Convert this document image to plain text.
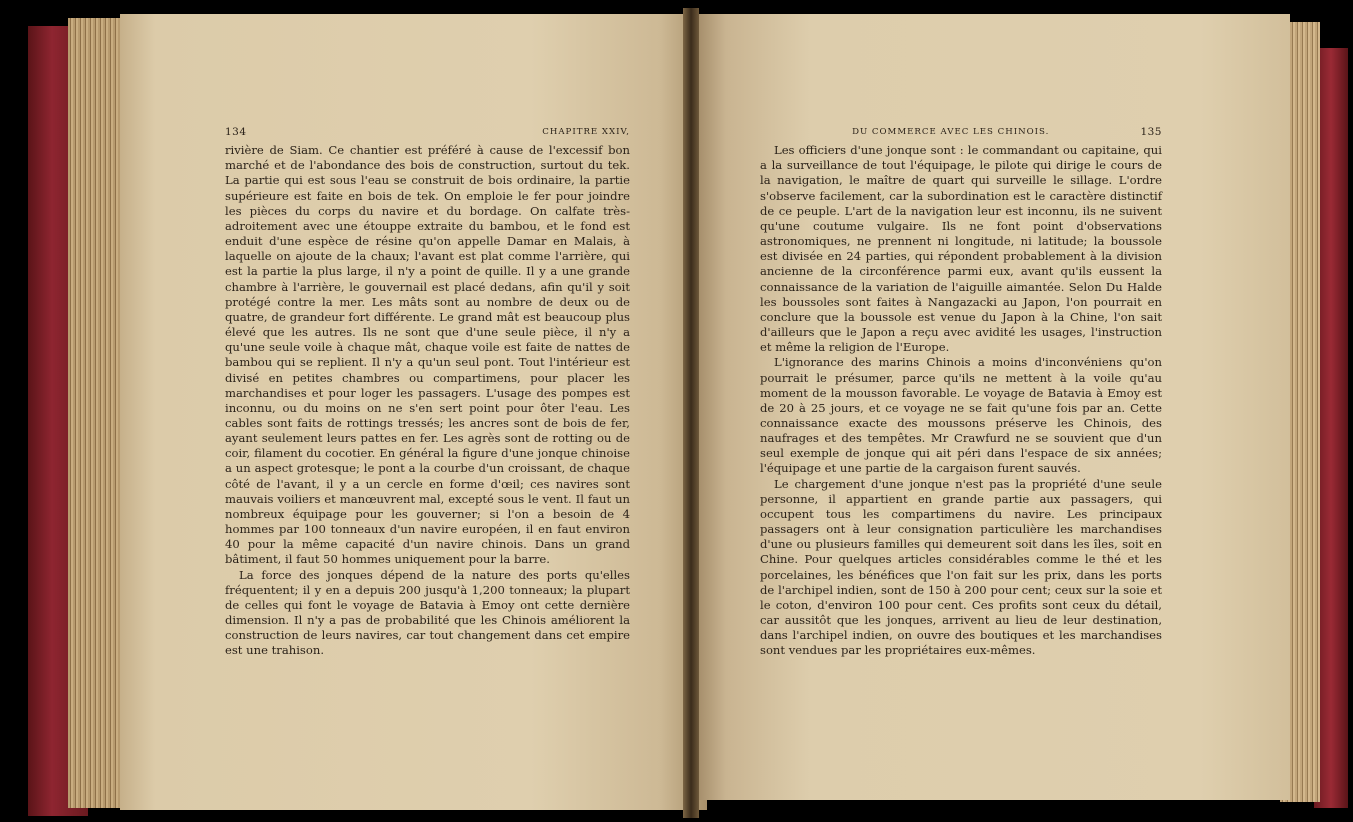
134	CHAPITRE XXIV,

rivière de Siam. Ce chantier est préféré à cause de l'excessif bon marché et de l'abondance des bois de construction, surtout du tek. La partie qui est sous l'eau se construit de bois ordinaire, la partie supérieure est faite en bois de tek. On emploie le fer pour joindre les pièces du corps du navire et du bordage. On calfate très-adroitement avec une étouppe extraite du bambou, et le fond est enduit d'une espèce de résine qu'on appelle Damar en Malais, à laquelle on ajoute de la chaux; l'avant est plat comme l'arrière, qui est la partie la plus large, il n'y a point de quille. Il y a une grande chambre à l'arrière, le gouvernail est placé dedans, afin qu'il y soit protégé contre la mer. Les mâts sont au nombre de deux ou de quatre, de grandeur fort différente. Le grand mât est beaucoup plus élevé que les autres. Ils ne sont que d'une seule pièce, il n'y a qu'une seule voile à chaque mât, chaque voile est faite de nattes de bambou qui se replient. Il n'y a qu'un seul pont. Tout l'intérieur est divisé en petites chambres ou compartimens, pour placer les marchandises et pour loger les passagers. L'usage des pompes est inconnu, ou du moins on ne s'en sert point pour ôter l'eau. Les cables sont faits de rottings tressés; les ancres sont de bois de fer, ayant seulement leurs pattes en fer. Les agrès sont de rotting ou de coir, filament du cocotier. En général la figure d'une jonque chinoise a un aspect grotesque; le pont a la courbe d'un croissant, de chaque côté de l'avant, il y a un cercle en forme d'œil; ces navires sont mauvais voiliers et manœuvrent mal, excepté sous le vent. Il faut un nombreux équipage pour les gouverner; si l'on a besoin de 4 hommes par 100 tonneaux d'un navire européen, il en faut environ 40 pour la même capacité d'un navire chinois. Dans un grand bâtiment, il faut 50 hommes uniquement pour la barre.

La force des jonques dépend de la nature des ports qu'elles fréquentent; il y en a depuis 200 jusqu'à 1,200 tonneaux; la plupart de celles qui font le voyage de Batavia à Emoy ont cette dernière dimension. Il n'y a pas de probabilité que les Chinois améliorent la construction de leurs navires, car tout changement dans cet empire est une trahison.

DU COMMERCE AVEC LES CHINOIS.	135

Les officiers d'une jonque sont : le commandant ou capitaine, qui a la surveillance de tout l'équipage, le pilote qui dirige le cours de la navigation, le maître de quart qui surveille le sillage. L'ordre s'observe facilement, car la subordination est le caractère distinctif de ce peuple. L'art de la navigation leur est inconnu, ils ne suivent qu'une coutume vulgaire. Ils ne font point d'observations astronomiques, ne prennent ni longitude, ni latitude; la boussole est divisée en 24 parties, qui répondent probablement à la division ancienne de la circonférence parmi eux, avant qu'ils eussent la connaissance de la variation de l'aiguille aimantée. Selon Du Halde les boussoles sont faites à Nangazacki au Japon, l'on pourrait en conclure que la boussole est venue du Japon à la Chine, l'on sait d'ailleurs que le Japon a reçu avec avidité les usages, l'instruction et même la religion de l'Europe.

L'ignorance des marins Chinois a moins d'inconvéniens qu'on pourrait le présumer, parce qu'ils ne mettent à la voile qu'au moment de la mousson favorable. Le voyage de Batavia à Emoy est de 20 à 25 jours, et ce voyage ne se fait qu'une fois par an. Cette connaissance exacte des moussons préserve les Chinois, des naufrages et des tempêtes. Mr Crawfurd ne se souvient que d'un seul exemple de jonque qui ait péri dans l'espace de six années; l'équipage et une partie de la cargaison furent sauvés.

Le chargement d'une jonque n'est pas la propriété d'une seule personne, il appartient en grande partie aux passagers, qui occupent tous les compartimens du navire. Les principaux passagers ont à leur consignation particulière les marchandises d'une ou plusieurs familles qui demeurent soit dans les îles, soit en Chine. Pour quelques articles considérables comme le thé et les porcelaines, les bénéfices que l'on fait sur les prix, dans les ports de l'archipel indien, sont de 150 à 200 pour cent; ceux sur la soie et le coton, d'environ 100 pour cent. Ces profits sont ceux du détail, car aussitôt que les jonques, arrivent au lieu de leur destination, dans l'archipel indien, on ouvre des boutiques et les marchandises sont vendues par les propriétaires eux-mêmes.
